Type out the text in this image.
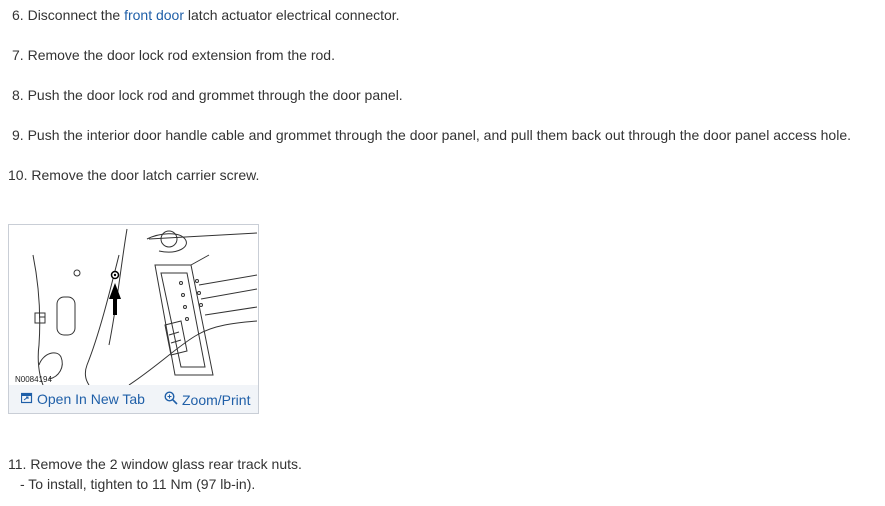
6. Disconnect the front door latch actuator electrical connector.
7. Remove the door lock rod extension from the rod.
8. Push the door lock rod and grommet through the door panel.
9. Push the interior door handle cable and grommet through the door panel, and pull them back out through the door panel access hole.
10. Remove the door latch carrier screw.
N0084194
Open In New Tab	Zoom/Print
11. Remove the 2 window glass rear track nuts.
- To install, tighten to 11 Nm (97 lb-in).
